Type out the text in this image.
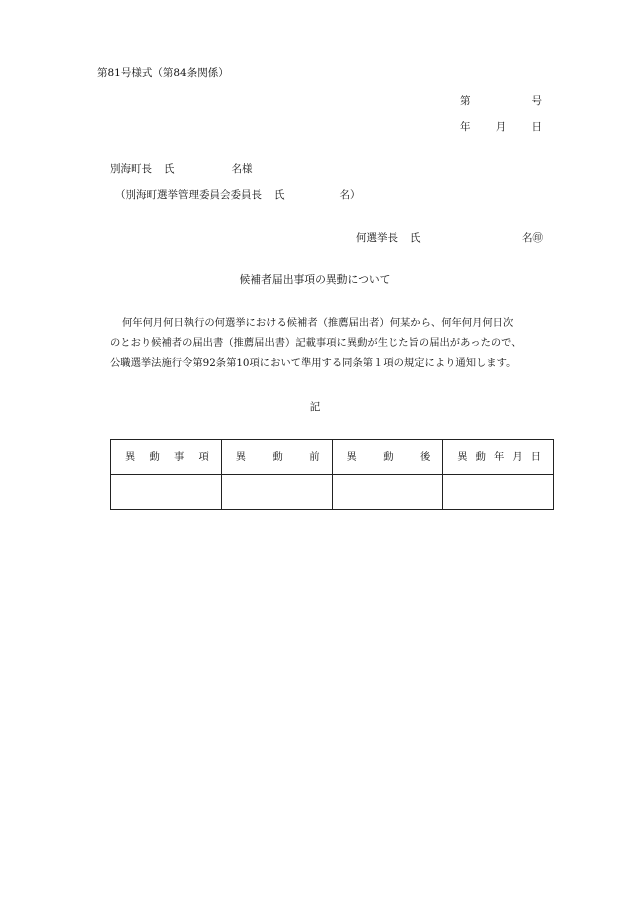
第81号様式（第84条関係）
第	号
年 月 日
別海町長 氏	名様
（別海町選挙管理委員会委員長 氏	名）
何選挙長 氏	名㊞
候補者届出事項の異動について
何年何月何日執行の何選挙における候補者（推薦届出者）何某から、何年何月何日次
のとおり候補者の届出書（推薦届出書）記載事項に異動が生じた旨の届出があったので、
公職選挙法施行令第92条第10項において準用する同条第１項の規定により通知します。
記
異 動 事 項	異 動 前	異 動 後	異 動 年 月 日
